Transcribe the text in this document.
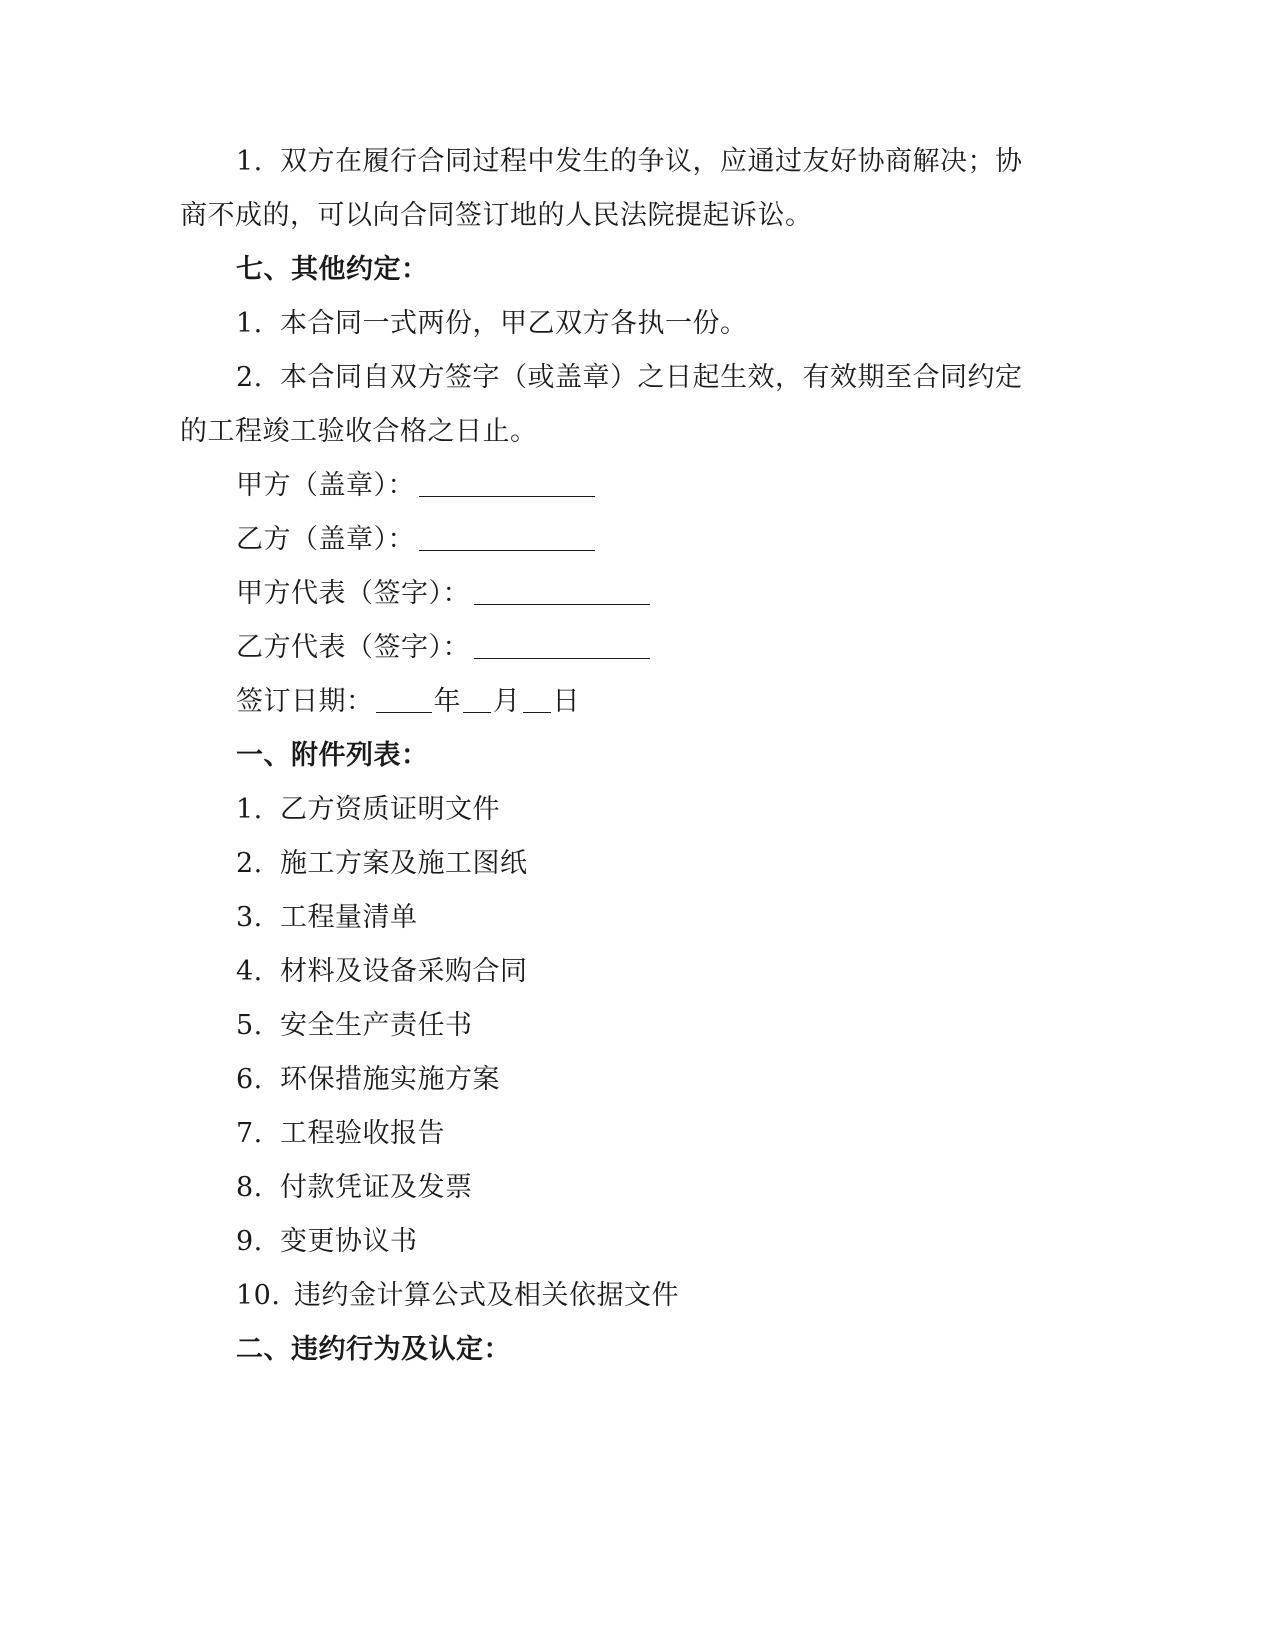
1. 双方在履行合同过程中发生的争议，应通过友好协商解决；协
商不成的，可以向合同签订地的人民法院提起诉讼。
七、其他约定：
1. 本合同一式两份，甲乙双方各执一份。
2. 本合同自双方签字（或盖章）之日起生效，有效期至合同约定
的工程竣工验收合格之日止。
甲方（盖章）：
乙方（盖章）：
甲方代表（签字）：
乙方代表（签字）：
签订日期： 年 月 日
一、附件列表：
1. 乙方资质证明文件
2. 施工方案及施工图纸
3. 工程量清单
4. 材料及设备采购合同
5. 安全生产责任书
6. 环保措施实施方案
7. 工程验收报告
8. 付款凭证及发票
9. 变更协议书
10. 违约金计算公式及相关依据文件
二、违约行为及认定：
